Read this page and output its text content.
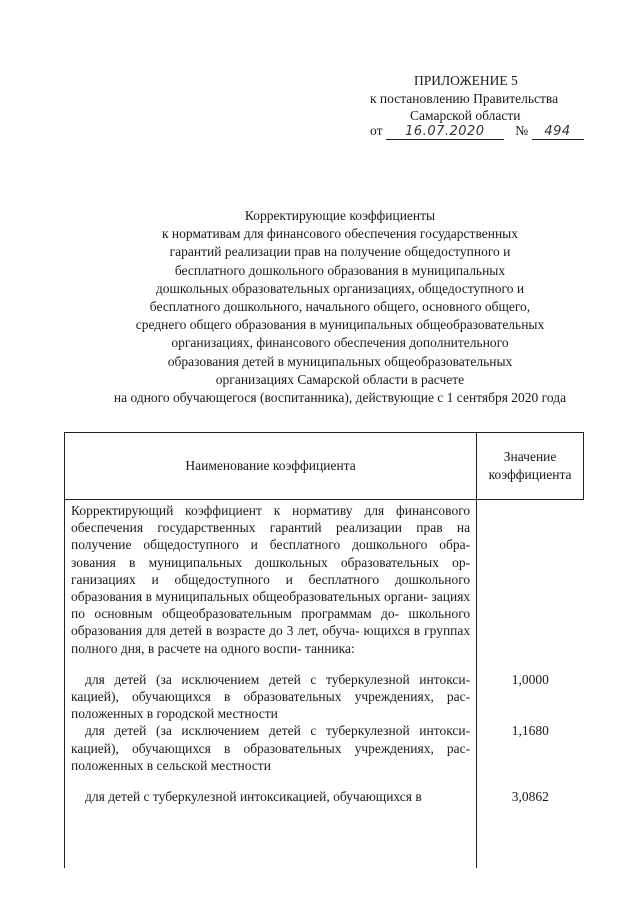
ПРИЛОЖЕНИЕ 5
к постановлению Правительства
Самарской области
от 16.07.2020 № 494
Корректирующие коэффициенты
к нормативам для финансового обеспечения государственных
гарантий реализации прав на получение общедоступного и
бесплатного дошкольного образования в муниципальных
дошкольных образовательных организациях, общедоступного и
бесплатного дошкольного, начального общего, основного общего,
среднего общего образования в муниципальных общеобразовательных
организациях, финансового обеспечения дополнительного
образования детей в муниципальных общеобразовательных
организациях Самарской области в расчете
на одного обучающегося (воспитанника), действующие с 1 сентября 2020 года
Наименование коэффициента	Значение
коэффициента

Корректирующий коэффициент к нормативу для финансового обеспечения государственных гарантий реализации прав на получение общедоступного и бесплатного дошкольного обра- зования в муниципальных дошкольных образовательных ор- ганизациях и общедоступного и бесплатного дошкольного образования в муниципальных общеобразовательных органи- зациях по основным общеобразовательным программам до- школьного образования для детей в возрасте до 3 лет, обуча- ющихся в группах полного дня, в расчете на одного воспи- танника:	

для детей (за исключением детей с туберкулезной интокси- кацией), обучающихся в образовательных учреждениях, рас- положенных в городской местности	1,0000

для детей (за исключением детей с туберкулезной интокси- кацией), обучающихся в образовательных учреждениях, рас- положенных в сельской местности	1,1680

для детей с туберкулезной интоксикацией, обучающихся в	3,0862
